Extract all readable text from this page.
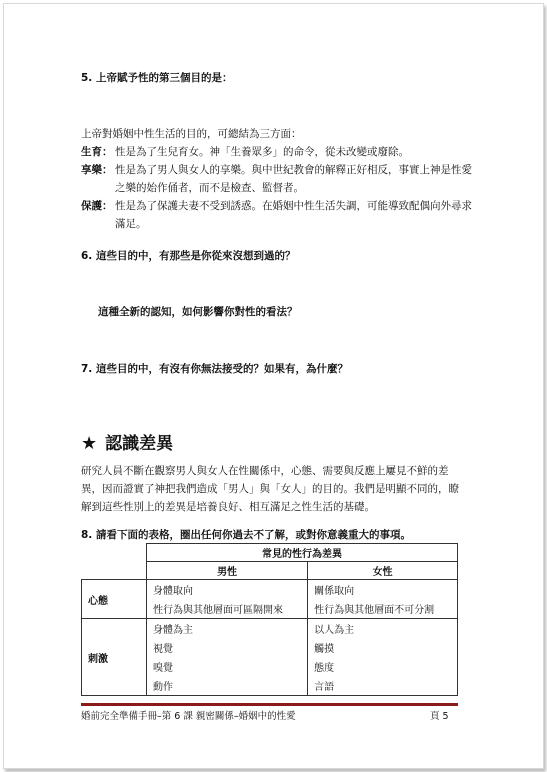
5. 上帝賦予性的第三個目的是：
上帝對婚姻中性生活的目的，可總結為三方面：
生育： 性是為了生兒育女。神「生養眾多」的命令，從未改變或廢除。
享樂： 性是為了男人與女人的享樂。與中世紀教會的解釋正好相反，事實上神是性愛之樂的始作俑者，而不是檢查、監督者。
保護： 性是為了保護夫妻不受到誘惑。在婚姻中性生活失調，可能導致配偶向外尋求滿足。
6. 這些目的中，有那些是你從來沒想到過的？
這種全新的認知，如何影響你對性的看法？
7. 這些目的中，有沒有你無法接受的？如果有，為什麼？
★ 認識差異
研究人員不斷在觀察男人與女人在性關係中，心態、需要與反應上屢見不鮮的差異，因而證實了神把我們造成「男人」與「女人」的目的。我們是明顯不同的，瞭解到這些性別上的差異是培養良好、相互滿足之性生活的基礎。
8. 請看下面的表格，圈出任何你過去不了解，或對你意義重大的事項。
	常見的性行為差異	
	男性	女性
心態	身體取向	關係取向
	性行為與其他層面可區隔開來	性行為與其他層面不可分割
刺激	身體為主	以人為主
	視覺	觸摸
	嗅覺	態度
	動作	言語
婚前完全準備手冊–第 6 課 親密關係–婚姻中的性愛	頁 5
